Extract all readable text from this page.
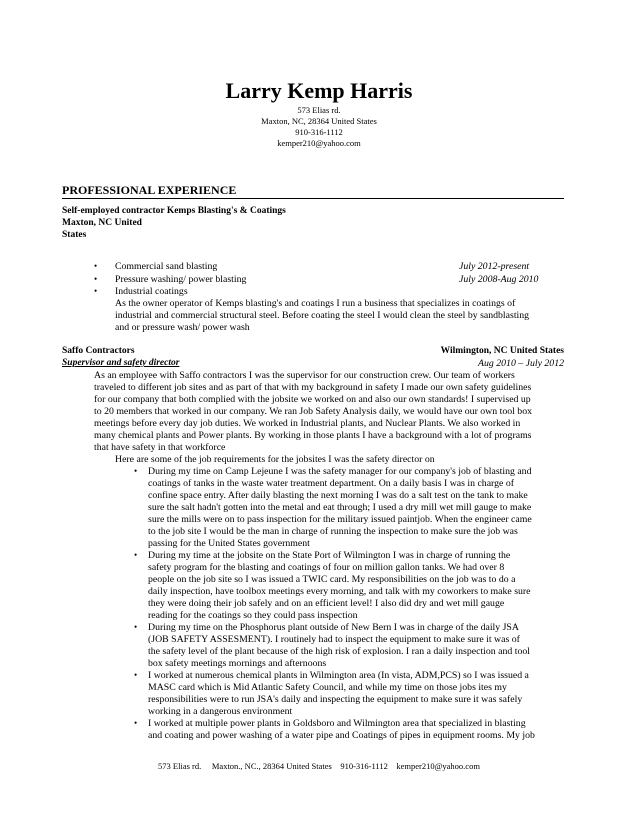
Larry Kemp Harris
573 Elias rd.
Maxton, NC, 28364 United States
910-316-1112
kemper210@yahoo.com
PROFESSIONAL EXPERIENCE
Self-employed contractor Kemps Blasting's & Coatings
Maxton, NC United
States
• Commercial sand blasting	July 2012-present
• Pressure washing/ power blasting	July 2008-Aug 2010
• Industrial coatings
As the owner operator of Kemps blasting's and coatings I run a business that specializes in coatings of
industrial and commercial structural steel. Before coating the steel I would clean the steel by sandblasting
and or pressure wash/ power wash
Saffo Contractors	Wilmington, NC United States
Supervisor and safety director	Aug 2010 – July 2012
As an employee with Saffo contractors I was the supervisor for our construction crew. Our team of workers
traveled to different job sites and as part of that with my background in safety I made our own safety guidelines
for our company that both complied with the jobsite we worked on and also our own standards! I supervised up
to 20 members that worked in our company. We ran Job Safety Analysis daily, we would have our own tool box
meetings before every day job duties. We worked in Industrial plants, and Nuclear Plants. We also worked in
many chemical plants and Power plants. By working in those plants I have a background with a lot of programs
that have safety in that workforce
Here are some of the job requirements for the jobsites I was the safety director on
• During my time on Camp Lejeune I was the safety manager for our company's job of blasting and
coatings of tanks in the waste water treatment department. On a daily basis I was in charge of
confine space entry. After daily blasting the next morning I was do a salt test on the tank to make
sure the salt hadn't gotten into the metal and eat through; I used a dry mill wet mill gauge to make
sure the mills were on to pass inspection for the military issued paintjob. When the engineer came
to the job site I would be the man in charge of running the inspection to make sure the job was
passing for the United States government
• During my time at the jobsite on the State Port of Wilmington I was in charge of running the
safety program for the blasting and coatings of four on million gallon tanks. We had over 8
people on the job site so I was issued a TWIC card. My responsibilities on the job was to do a
daily inspection, have toolbox meetings every morning, and talk with my coworkers to make sure
they were doing their job safely and on an efficient level! I also did dry and wet mill gauge
reading for the coatings so they could pass inspection
• During my time on the Phosphorus plant outside of New Bern I was in charge of the daily JSA
(JOB SAFETY ASSESMENT). I routinely had to inspect the equipment to make sure it was of
the safety level of the plant because of the high risk of explosion. I ran a daily inspection and tool
box safety meetings mornings and afternoons
• I worked at numerous chemical plants in Wilmington area (In vista, ADM,PCS) so I was issued a
MASC card which is Mid Atlantic Safety Council, and while my time on those jobs ites my
responsibilities were to run JSA's daily and inspecting the equipment to make sure it was safely
working in a dangerous environment
• I worked at multiple power plants in Goldsboro and Wilmington area that specialized in blasting
and coating and power washing of a water pipe and Coatings of pipes in equipment rooms. My job
573 Elias rd. Maxton., NC., 28364 United States 910-316-1112 kemper210@yahoo.com
